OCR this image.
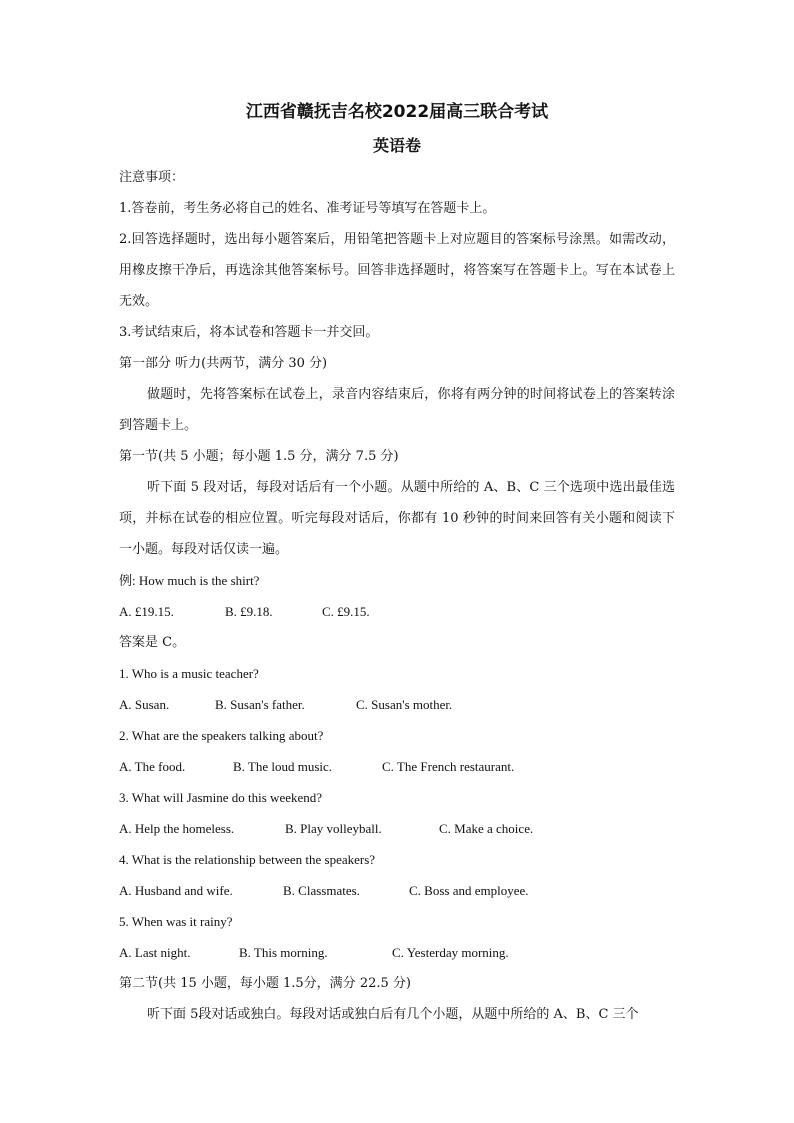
江西省赣抚吉名校2022届高三联合考试
英语卷

注意事项：

1.答卷前，考生务必将自己的姓名、准考证号等填写在答题卡上。

2.回答选择题时，选出每小题答案后，用铅笔把答题卡上对应题目的答案标号涂黑。如需改动，用橡皮擦干净后，再选涂其他答案标号。回答非选择题时，将答案写在答题卡上。写在本试卷上无效。

3.考试结束后，将本试卷和答题卡一并交回。

第一部分 听力(共两节，满分 30 分)

做题时，先将答案标在试卷上，录音内容结束后，你将有两分钟的时间将试卷上的答案转涂到答题卡上。

第一节(共 5 小题；每小题 1.5 分，满分 7.5 分)

听下面 5 段对话，每段对话后有一个小题。从题中所给的 A、B、C 三个选项中选出最佳选项，并标在试卷的相应位置。听完每段对话后，你都有 10 秒钟的时间来回答有关小题和阅读下一小题。每段对话仅读一遍。

例: How much is the shirt?

A. £19.15.	B. £9.18.	C. £9.15.

答案是 C。

1. Who is a music teacher?

A. Susan.	B. Susan's father.	C. Susan's mother.

2. What are the speakers talking about?

A. The food.	B. The loud music.	C. The French restaurant.

3. What will Jasmine do this weekend?

A. Help the homeless.	B. Play volleyball.	C. Make a choice.

4. What is the relationship between the speakers?

A. Husband and wife.	B. Classmates.	C. Boss and employee.

5. When was it rainy?

A. Last night.	B. This morning.	C. Yesterday morning.

第二节(共 15 小题，每小题 1.5分，满分 22.5 分)

听下面 5段对话或独白。每段对话或独白后有几个小题，从题中所给的 A、B、C 三个
